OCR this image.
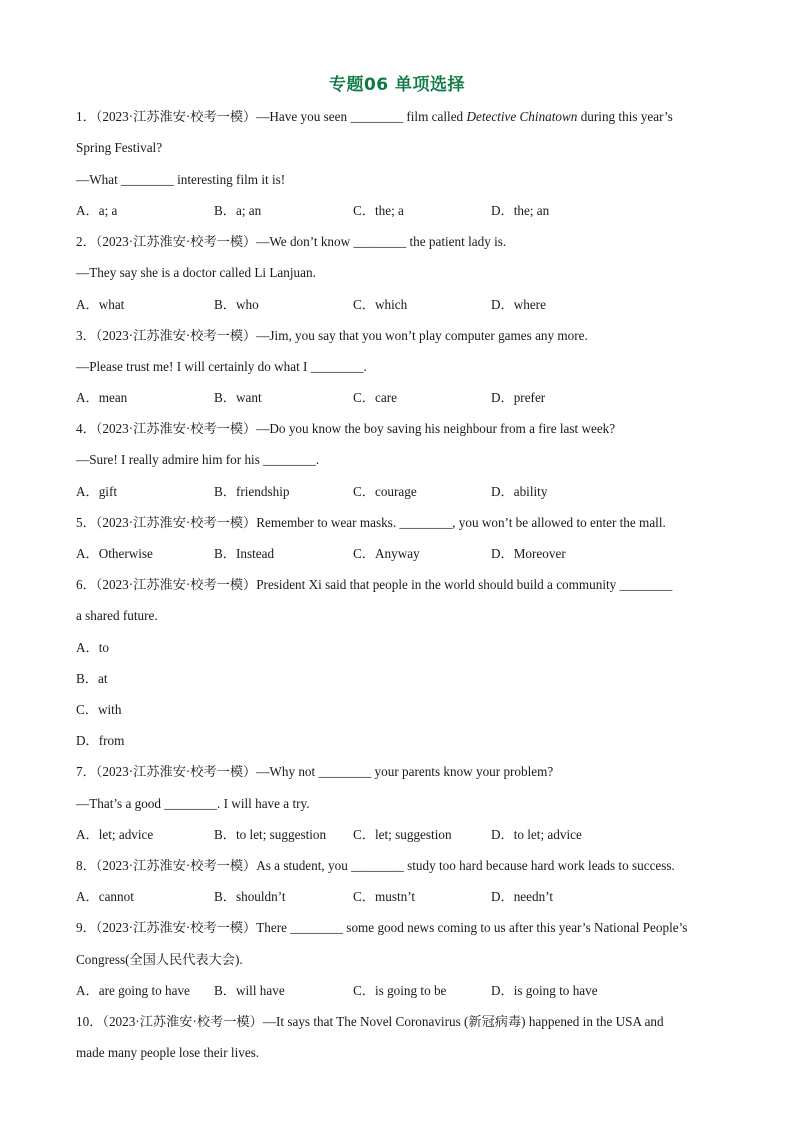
专题06 单项选择
1．（2023·江苏淮安·校考一模）—Have you seen ________ film called Detective Chinatown during this year’s
Spring Festival?
—What ________ interesting film it is!
A．a; a	B．a; an	C．the; a	D．the; an
2．（2023·江苏淮安·校考一模）—We don’t know ________ the patient lady is.
—They say she is a doctor called Li Lanjuan.
A．what	B．who	C．which	D．where
3．（2023·江苏淮安·校考一模）—Jim, you say that you won’t play computer games any more.
—Please trust me! I will certainly do what I ________.
A．mean	B．want	C．care	D．prefer
4．（2023·江苏淮安·校考一模）—Do you know the boy saving his neighbour from a fire last week?
—Sure! I really admire him for his ________.
A．gift	B．friendship	C．courage	D．ability
5．（2023·江苏淮安·校考一模）Remember to wear masks. ________, you won’t be allowed to enter the mall.
A．Otherwise	B．Instead	C．Anyway	D．Moreover
6．（2023·江苏淮安·校考一模）President Xi said that people in the world should build a community ________
a shared future.
A．to
B．at
C．with
D．from
7．（2023·江苏淮安·校考一模）—Why not ________ your parents know your problem?
—That’s a good ________. I will have a try.
A．let; advice	B．to let; suggestion C．let; suggestion	D．to let; advice
8．（2023·江苏淮安·校考一模）As a student, you ________ study too hard because hard work leads to success.
A．cannot	B．shouldn’t	C．mustn’t	D．needn’t
9．（2023·江苏淮安·校考一模）There ________ some good news coming to us after this year’s National People’s
Congress(全国人民代表大会).
A．are going to have B．will have	C．is going to be	D．is going to have
10．（2023·江苏淮安·校考一模）—It says that The Novel Coronavirus (新冠病毒) happened in the USA and
made many people lose their lives.
